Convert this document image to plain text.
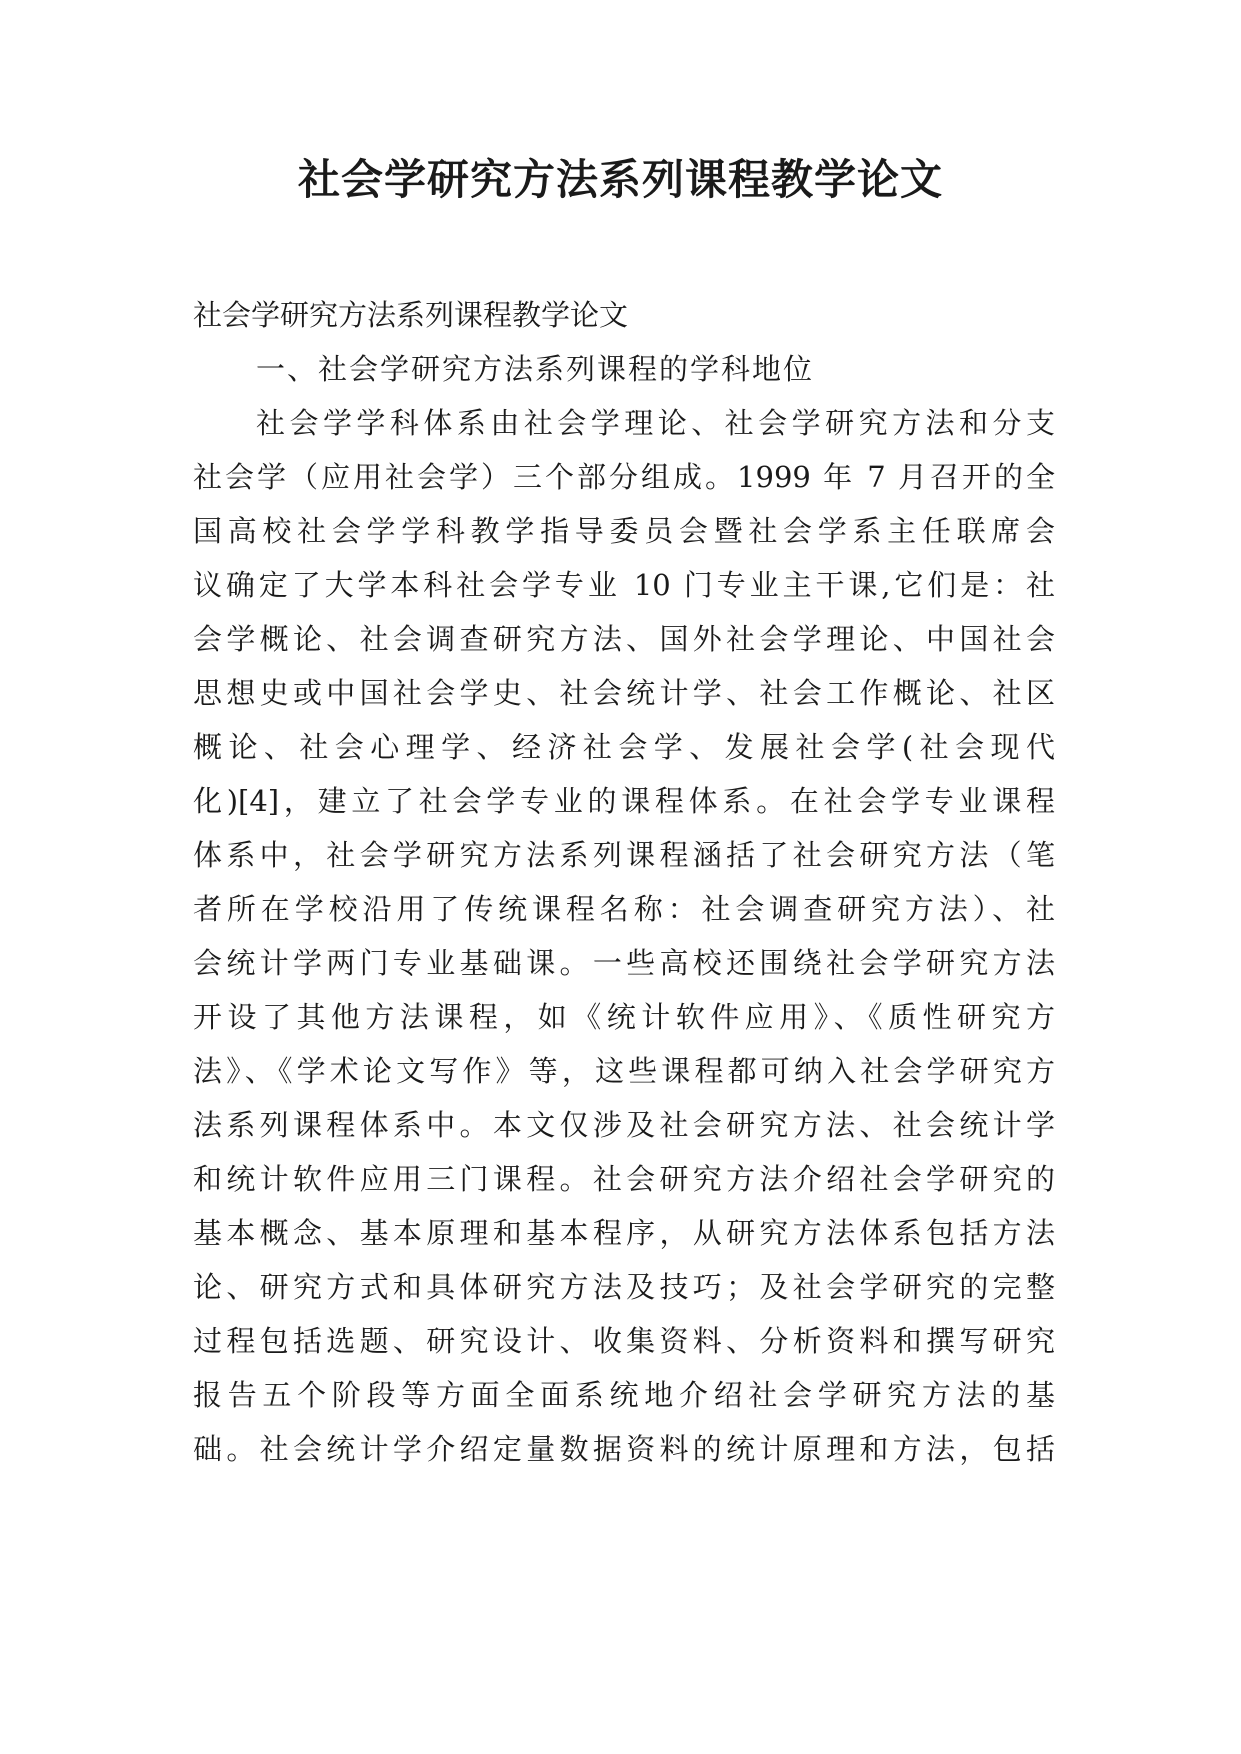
社会学研究方法系列课程教学论文
社会学研究方法系列课程教学论文
一、社会学研究方法系列课程的学科地位
社会学学科体系由社会学理论、社会学研究方法和分支
社会学（应用社会学）三个部分组成。1999 年 7 月召开的全
国高校社会学学科教学指导委员会暨社会学系主任联席会
议确定了大学本科社会学专业 10 门专业主干课,它们是：社
会学概论、社会调查研究方法、国外社会学理论、中国社会
思想史或中国社会学史、社会统计学、社会工作概论、社区
概论、社会心理学、经济社会学、发展社会学(社会现代
化)[4]，建立了社会学专业的课程体系。在社会学专业课程
体系中，社会学研究方法系列课程涵括了社会研究方法（笔
者所在学校沿用了传统课程名称：社会调查研究方法）、社
会统计学两门专业基础课。一些高校还围绕社会学研究方法
开设了其他方法课程，如《统计软件应用》、《质性研究方
法》、《学术论文写作》等，这些课程都可纳入社会学研究方
法系列课程体系中。本文仅涉及社会研究方法、社会统计学
和统计软件应用三门课程。社会研究方法介绍社会学研究的
基本概念、基本原理和基本程序，从研究方法体系包括方法
论、研究方式和具体研究方法及技巧；及社会学研究的完整
过程包括选题、研究设计、收集资料、分析资料和撰写研究
报告五个阶段等方面全面系统地介绍社会学研究方法的基
础。社会统计学介绍定量数据资料的统计原理和方法，包括
